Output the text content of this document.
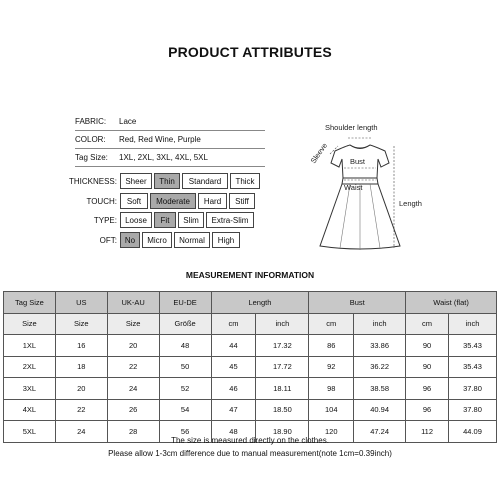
PRODUCT ATTRIBUTES
FABRIC:	Lace
COLOR:	Red, Red Wine, Purple
Tag Size:	1XL, 2XL, 3XL, 4XL, 5XL
THICKNESS:	Sheer	Thin	Standard	Thick
TOUCH:	Soft	Moderate	Hard	Stiff
TYPE:	Loose	Fit	Slim	Extra-Slim
OFT: No	Micro	Normal	High
Shoulder length
Sleeve	Bust
Waist
Length
MEASUREMENT INFORMATION
Tag Size	US	UK-AU	EU-DE	Length		Bust		Waist (flat)	
Size	Size	Size	Größe	cm	inch	cm	inch	cm	inch
1XL	16	20	48	44	17.32	86	33.86	90	35.43
2XL	18	22	50	45	17.72	92	36.22	90	35.43
3XL	20	24	52	46	18.11	98	38.58	96	37.80
4XL	22	26	54	47	18.50	104	40.94	96	37.80
5XL	24	28	56	48	18.90	120	47.24	112	44.09
The size is measured directly on the clothes.
Please allow 1-3cm difference due to manual measurement(note 1cm=0.39inch)
